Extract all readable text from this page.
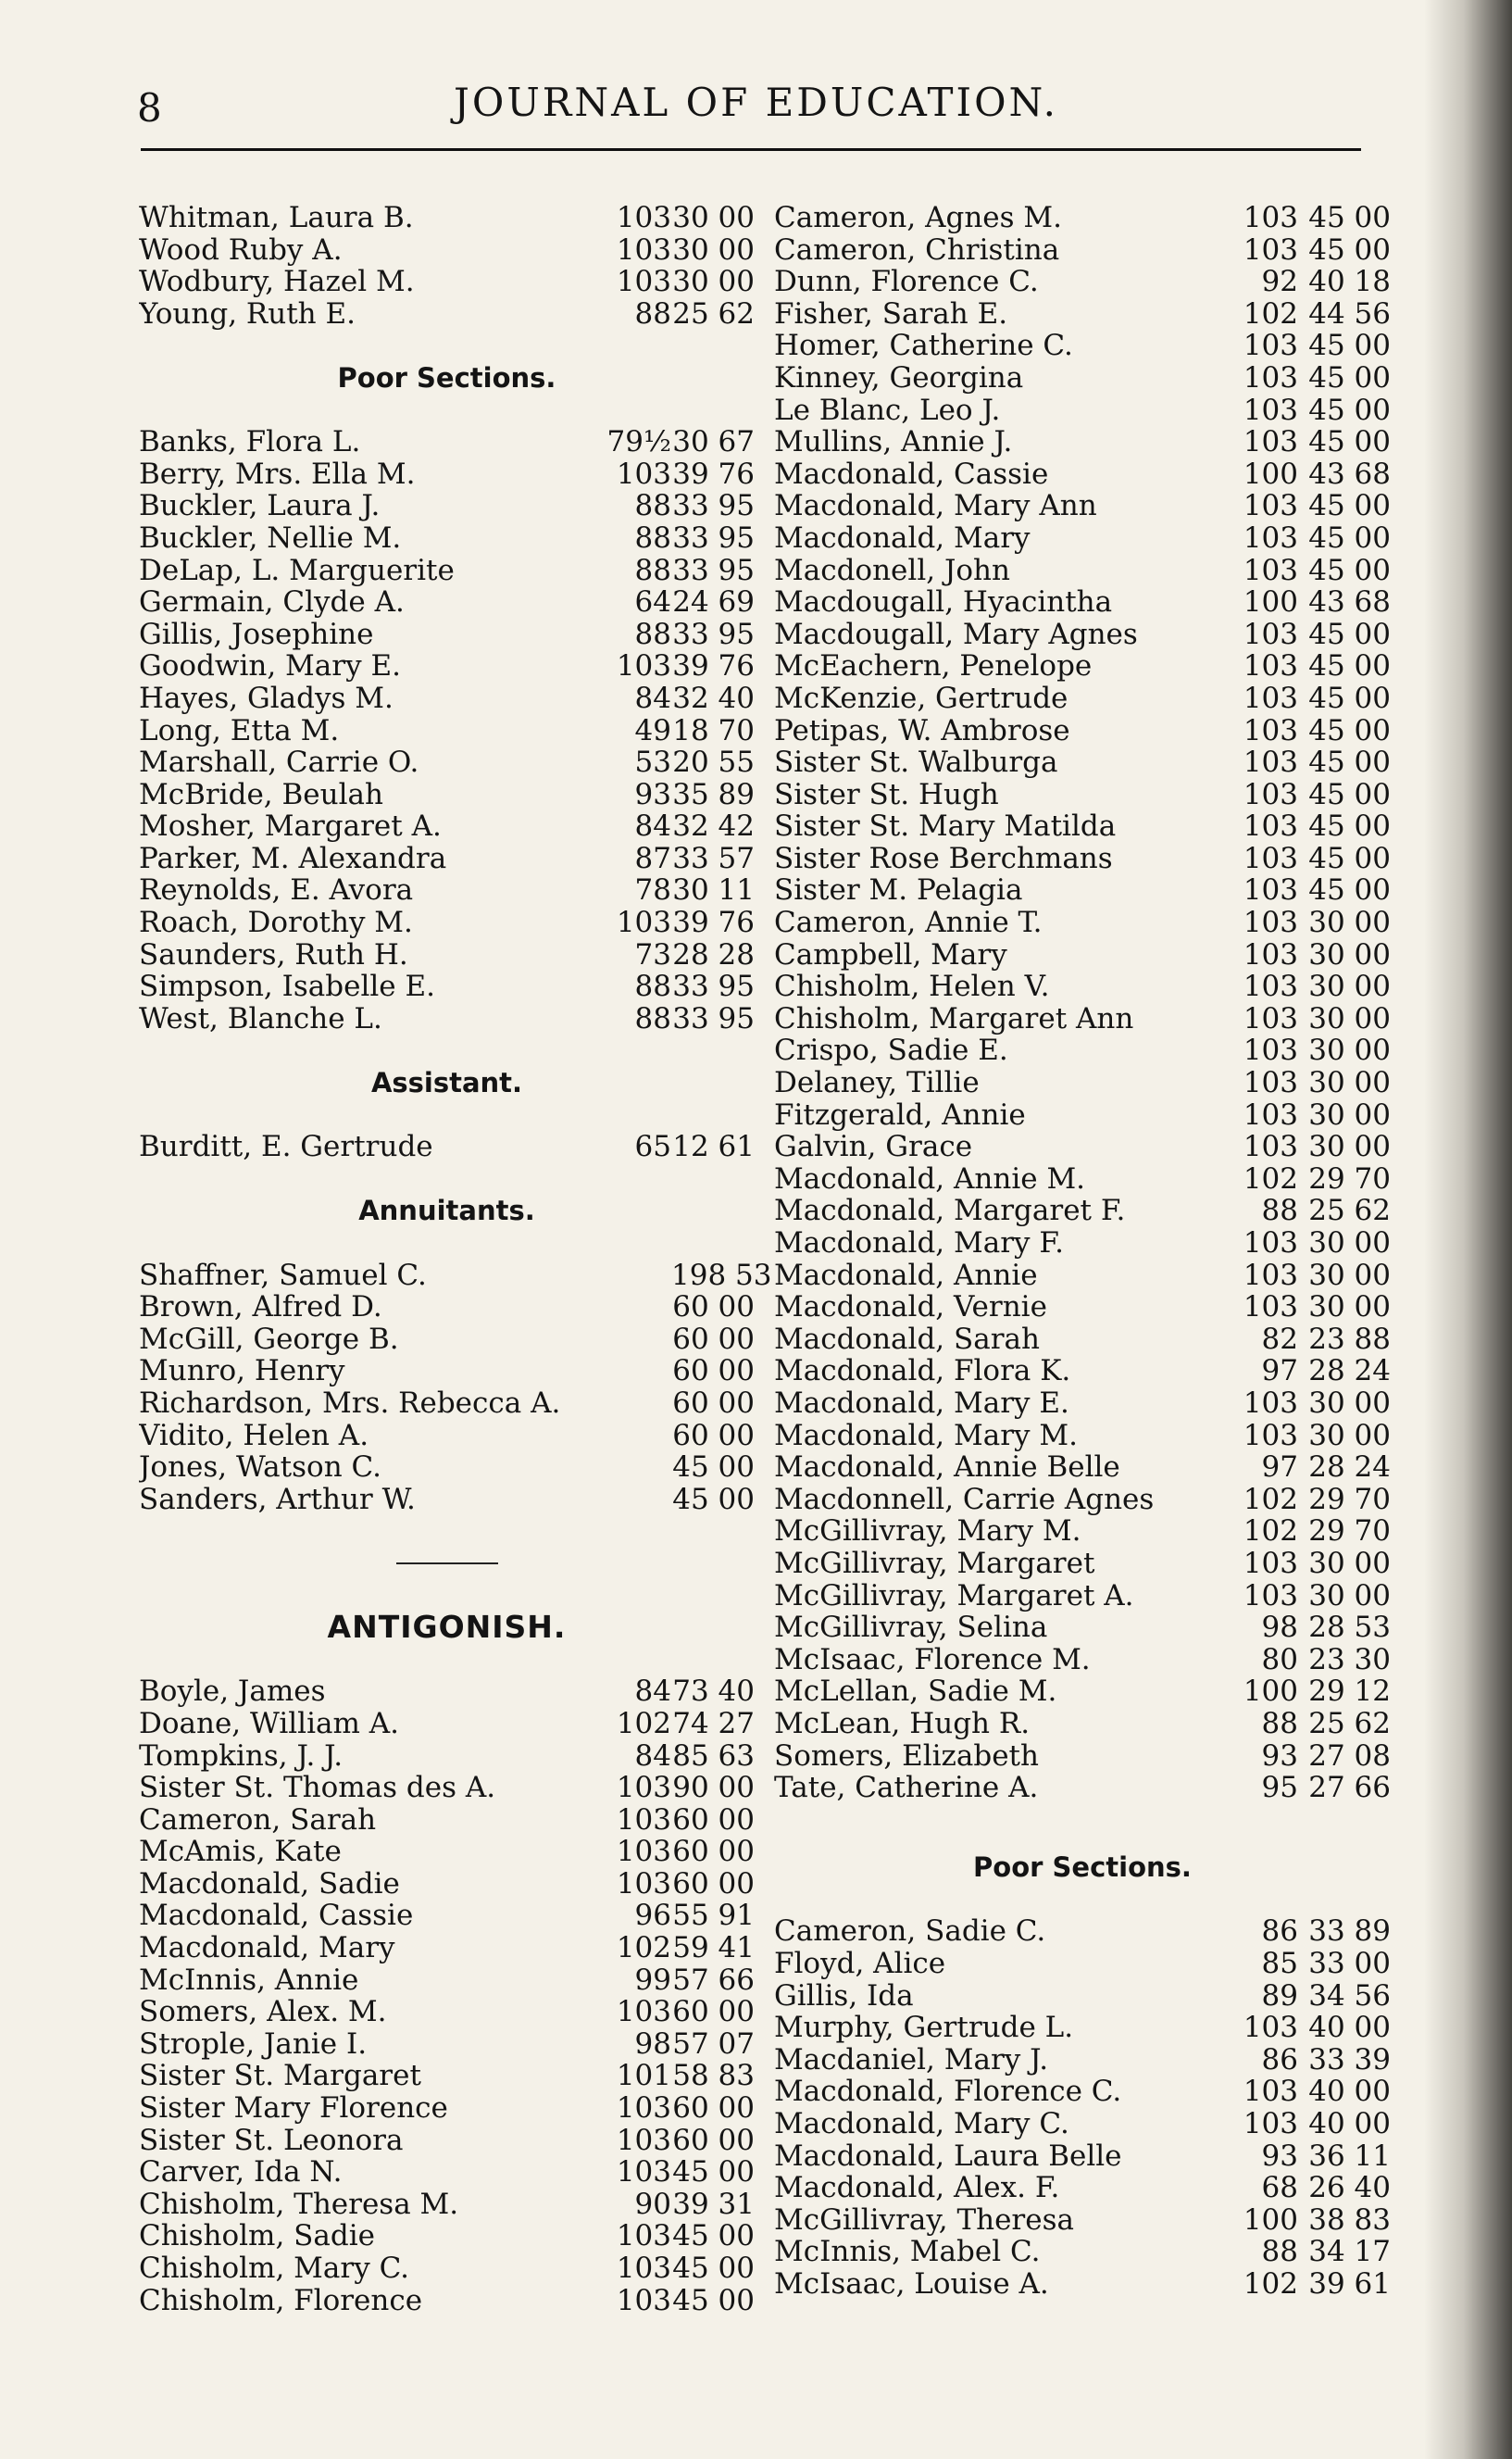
8	JOURNAL OF EDUCATION.
Whitman, Laura B.	103 30 00
Wood Ruby A.	103 30 00
Wodbury, Hazel M.	103 30 00
Young, Ruth E.	88 25 62
Poor Sections.
Banks, Flora L.	79½ 30 67
Berry, Mrs. Ella M.	103 39 76
Buckler, Laura J.	88 33 95
Buckler, Nellie M.	88 33 95
DeLap, L. Marguerite	88 33 95
Germain, Clyde A.	64 24 69
Gillis, Josephine	88 33 95
Goodwin, Mary E.	103 39 76
Hayes, Gladys M.	84 32 40
Long, Etta M.	49 18 70
Marshall, Carrie O.	53 20 55
McBride, Beulah	93 35 89
Mosher, Margaret A.	84 32 42
Parker, M. Alexandra	87 33 57
Reynolds, E. Avora	78 30 11
Roach, Dorothy M.	103 39 76
Saunders, Ruth H.	73 28 28
Simpson, Isabelle E.	88 33 95
West, Blanche L.	88 33 95
Assistant.
Burditt, E. Gertrude	65 12 61
Annuitants.
Shaffner, Samuel C.	198 53
Brown, Alfred D.	60 00
McGill, George B.	60 00
Munro, Henry	60 00
Richardson, Mrs. Rebecca A.	60 00
Vidito, Helen A.	60 00
Jones, Watson C.	45 00
Sanders, Arthur W.	45 00
ANTIGONISH.
Boyle, James	84 73 40
Doane, William A.	102 74 27
Tompkins, J. J.	84 85 63
Sister St. Thomas des A.	103 90 00
Cameron, Sarah	103 60 00
McAmis, Kate	103 60 00
Macdonald, Sadie	103 60 00
Macdonald, Cassie	96 55 91
Macdonald, Mary	102 59 41
McInnis, Annie	99 57 66
Somers, Alex. M.	103 60 00
Strople, Janie I.	98 57 07
Sister St. Margaret	101 58 83
Sister Mary Florence	103 60 00
Sister St. Leonora	103 60 00
Carver, Ida N.	103 45 00
Chisholm, Theresa M.	90 39 31
Chisholm, Sadie	103 45 00
Chisholm, Mary C.	103 45 00
Chisholm, Florence	103 45 00
Cameron, Agnes M.	103 45 00
Cameron, Christina	103 45 00
Dunn, Florence C.	92 40 18
Fisher, Sarah E.	102 44 56
Homer, Catherine C.	103 45 00
Kinney, Georgina	103 45 00
Le Blanc, Leo J.	103 45 00
Mullins, Annie J.	103 45 00
Macdonald, Cassie	100 43 68
Macdonald, Mary Ann	103 45 00
Macdonald, Mary	103 45 00
Macdonell, John	103 45 00
Macdougall, Hyacintha	100 43 68
Macdougall, Mary Agnes	103 45 00
McEachern, Penelope	103 45 00
McKenzie, Gertrude	103 45 00
Petipas, W. Ambrose	103 45 00
Sister St. Walburga	103 45 00
Sister St. Hugh	103 45 00
Sister St. Mary Matilda	103 45 00
Sister Rose Berchmans	103 45 00
Sister M. Pelagia	103 45 00
Cameron, Annie T.	103 30 00
Campbell, Mary	103 30 00
Chisholm, Helen V.	103 30 00
Chisholm, Margaret Ann	103 30 00
Crispo, Sadie E.	103 30 00
Delaney, Tillie	103 30 00
Fitzgerald, Annie	103 30 00
Galvin, Grace	103 30 00
Macdonald, Annie M.	102 29 70
Macdonald, Margaret F.	88 25 62
Macdonald, Mary F.	103 30 00
Macdonald, Annie	103 30 00
Macdonald, Vernie	103 30 00
Macdonald, Sarah	82 23 88
Macdonald, Flora K.	97 28 24
Macdonald, Mary E.	103 30 00
Macdonald, Mary M.	103 30 00
Macdonald, Annie Belle	97 28 24
Macdonnell, Carrie Agnes	102 29 70
McGillivray, Mary M.	102 29 70
McGillivray, Margaret	103 30 00
McGillivray, Margaret A.	103 30 00
McGillivray, Selina	98 28 53
McIsaac, Florence M.	80 23 30
McLellan, Sadie M.	100 29 12
McLean, Hugh R.	88 25 62
Somers, Elizabeth	93 27 08
Tate, Catherine A.	95 27 66
Poor Sections.
Cameron, Sadie C.	86 33 89
Floyd, Alice	85 33 00
Gillis, Ida	89 34 56
Murphy, Gertrude L.	103 40 00
Macdaniel, Mary J.	86 33 39
Macdonald, Florence C.	103 40 00
Macdonald, Mary C.	103 40 00
Macdonald, Laura Belle	93 36 11
Macdonald, Alex. F.	68 26 40
McGillivray, Theresa	100 38 83
McInnis, Mabel C.	88 34 17
McIsaac, Louise A.	102 39 61
